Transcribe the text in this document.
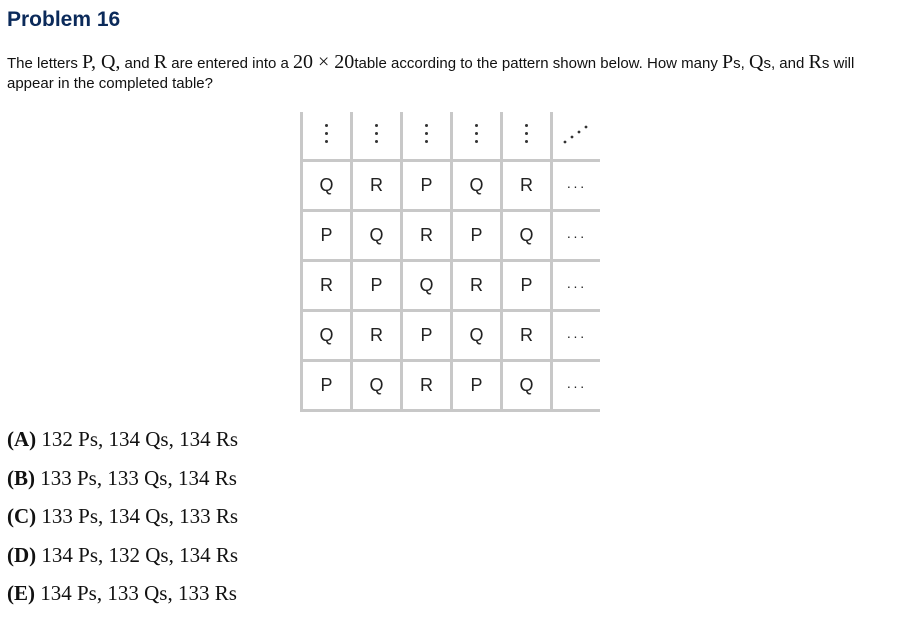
Problem 16
The letters P, Q, and R are entered into a 20 × 20table according to the pattern shown below. How many Ps, Qs, and Rs will appear in the completed table?

Q	R	P	Q	R	···
P	Q	R	P	Q	···
R	P	Q	R	P	···
Q	R	P	Q	R	···
P	Q	R	P	Q	···
(A) 132 Ps, 134 Qs, 134 Rs
(B) 133 Ps, 133 Qs, 134 Rs
(C) 133 Ps, 134 Qs, 133 Rs
(D) 134 Ps, 132 Qs, 134 Rs
(E) 134 Ps, 133 Qs, 133 Rs
